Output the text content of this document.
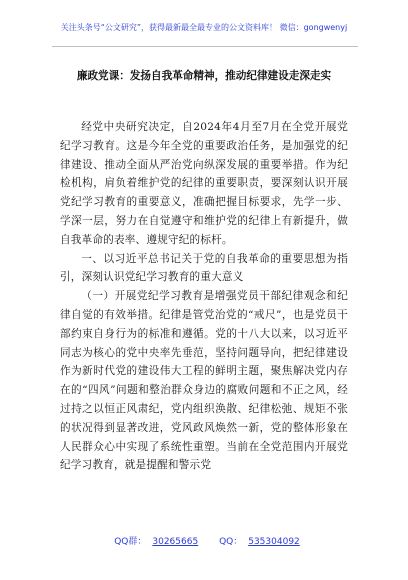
关注头条号“公文研究”，获得最新最全最专业的公文资料库！ 微信：gongwenyj
廉政党课：发扬自我革命精神，推动纪律建设走深走实

经党中央研究决定，自2024年4月至7月在全党开展党纪学习教育。这是今年全党的重要政治任务，是加强党的纪律建设、推动全面从严治党向纵深发展的重要举措。作为纪检机构，肩负着维护党的纪律的重要职责，要深刻认识开展党纪学习教育的重要意义，准确把握目标要求，先学一步、学深一层，努力在自觉遵守和维护党的纪律上有新提升，做自我革命的表率、遵规守纪的标杆。

一、以习近平总书记关于党的自我革命的重要思想为指引，深刻认识党纪学习教育的重大意义

（一）开展党纪学习教育是增强党员干部纪律观念和纪律自觉的有效举措。纪律是管党治党的“戒尺”，也是党员干部约束自身行为的标准和遵循。党的十八大以来，以习近平同志为核心的党中央率先垂范，坚持问题导向，把纪律建设作为新时代党的建设伟大工程的鲜明主题，聚焦解决党内存在的“四风”问题和整治群众身边的腐败问题和不正之风，经过持之以恒正风肃纪，党内组织涣散、纪律松弛、规矩不张的状况得到显著改进，党风政风焕然一新，党的整体形象在人民群众心中实现了系统性重塑。当前在全党范围内开展党纪学习教育，就是提醒和警示党

QQ群： 30265665 QQ： 535304092
